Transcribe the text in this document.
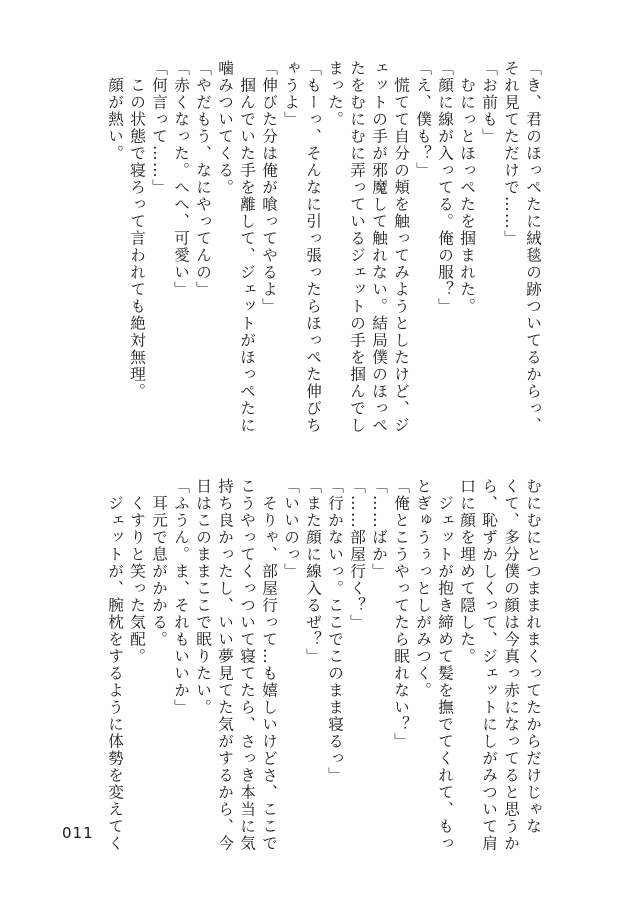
「き、君のほっぺたに絨毯の跡ついてるからっ、
それ見てただけで……」
「お前も」
　むにっとほっぺたを掴まれた。
「顔に線が入ってる。俺の服？」
「え、僕も？」
　慌てて自分の頬を触ってみようとしたけど、ジ
ェットの手が邪魔して触れない。結局僕のほっぺ
たをむにむに弄っているジェットの手を掴んでし
まった。
「もーっ、そんなに引っ張ったらほっぺた伸びち
ゃうよ」
「伸びた分は俺が喰ってやるよ」
　掴んでいた手を離して、ジェットがほっぺたに
噛みついてくる。
「やだもう、なにやってんの」
「赤くなった。へへ、可愛い」
「何言って……」
　この状態で寝ろって言われても絶対無理。
　顔が熱い。
むにむにとつままれまくってたからだけじゃな
くて、多分僕の顔は今真っ赤になってると思うか
ら、恥ずかしくって、ジェットにしがみついて肩
口に顔を埋めて隠した。
　ジェットが抱き締めて髪を撫でてくれて、もっ
とぎゅうぅっとしがみつく。
「俺とこうやってたら眠れない？」
「……ばか」
「……部屋行く？」
「行かないっ。ここでこのまま寝るっ」
「また顔に線入るぜ？」
「いいのっ」
　そりゃ、部屋行って…も嬉しいけどさ、ここで
こうやってくっついて寝てたら、さっき本当に気
持ち良かったし、いい夢見てた気がするから、今
日はこのままここで眠りたい。
「ふうん。ま、それもいいか」
　耳元で息がかかる。
　くすりと笑った気配。
　ジェットが、腕枕をするように体勢を変えてく
011
